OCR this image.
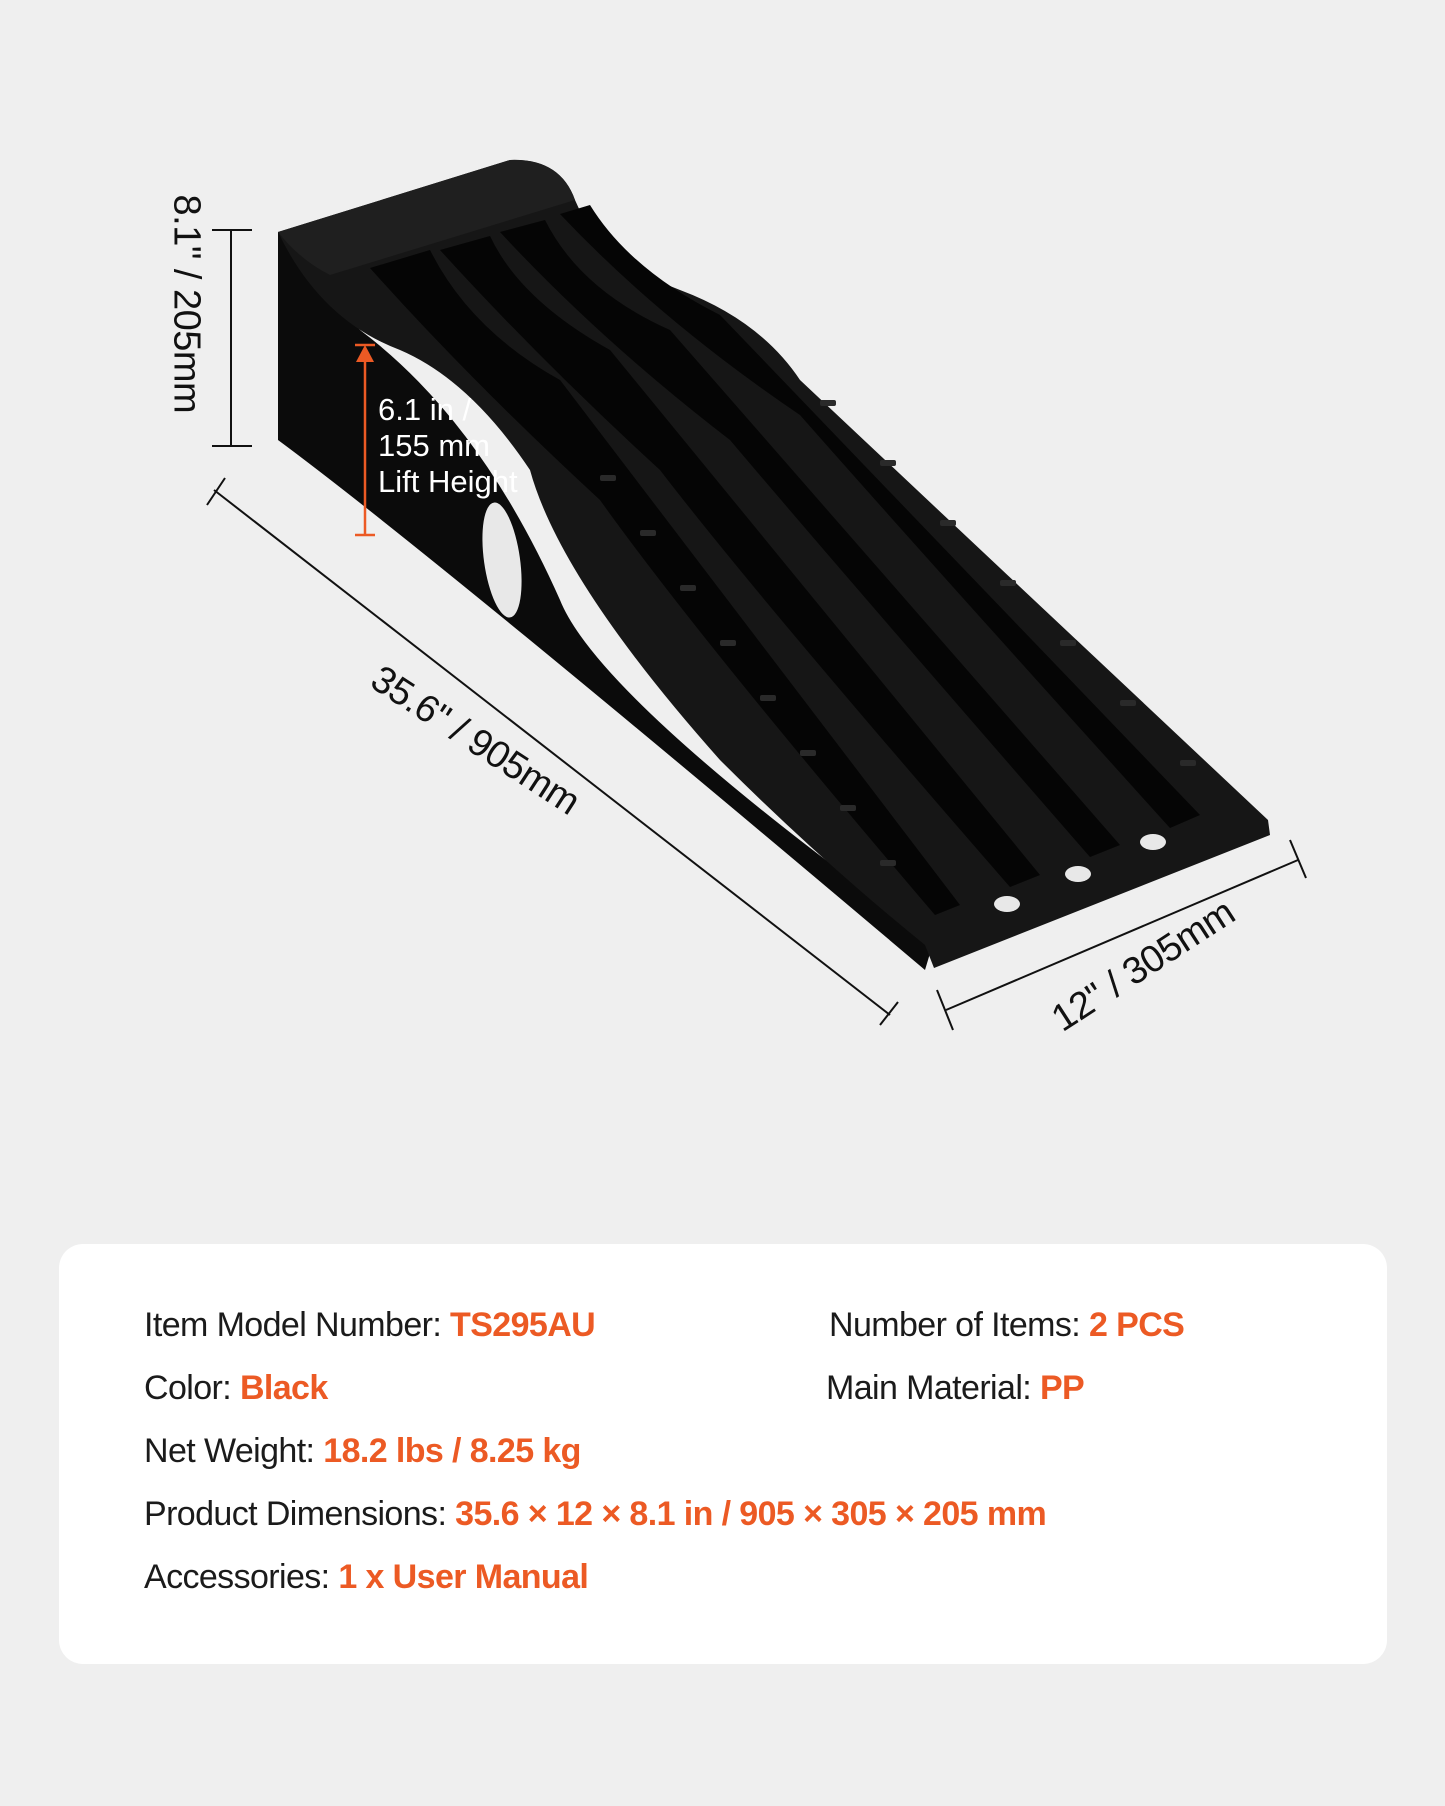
8.1" / 205mm
35.6" / 905mm
12" / 305mm
6.1 in /
155 mm
Lift Height
Item Model Number: TS295AU	Number of Items: 2 PCS
Color: Black	Main Material: PP
Net Weight: 18.2 lbs / 8.25 kg
Product Dimensions: 35.6 × 12 × 8.1 in / 905 × 305 × 205 mm
Accessories: 1 x User Manual
